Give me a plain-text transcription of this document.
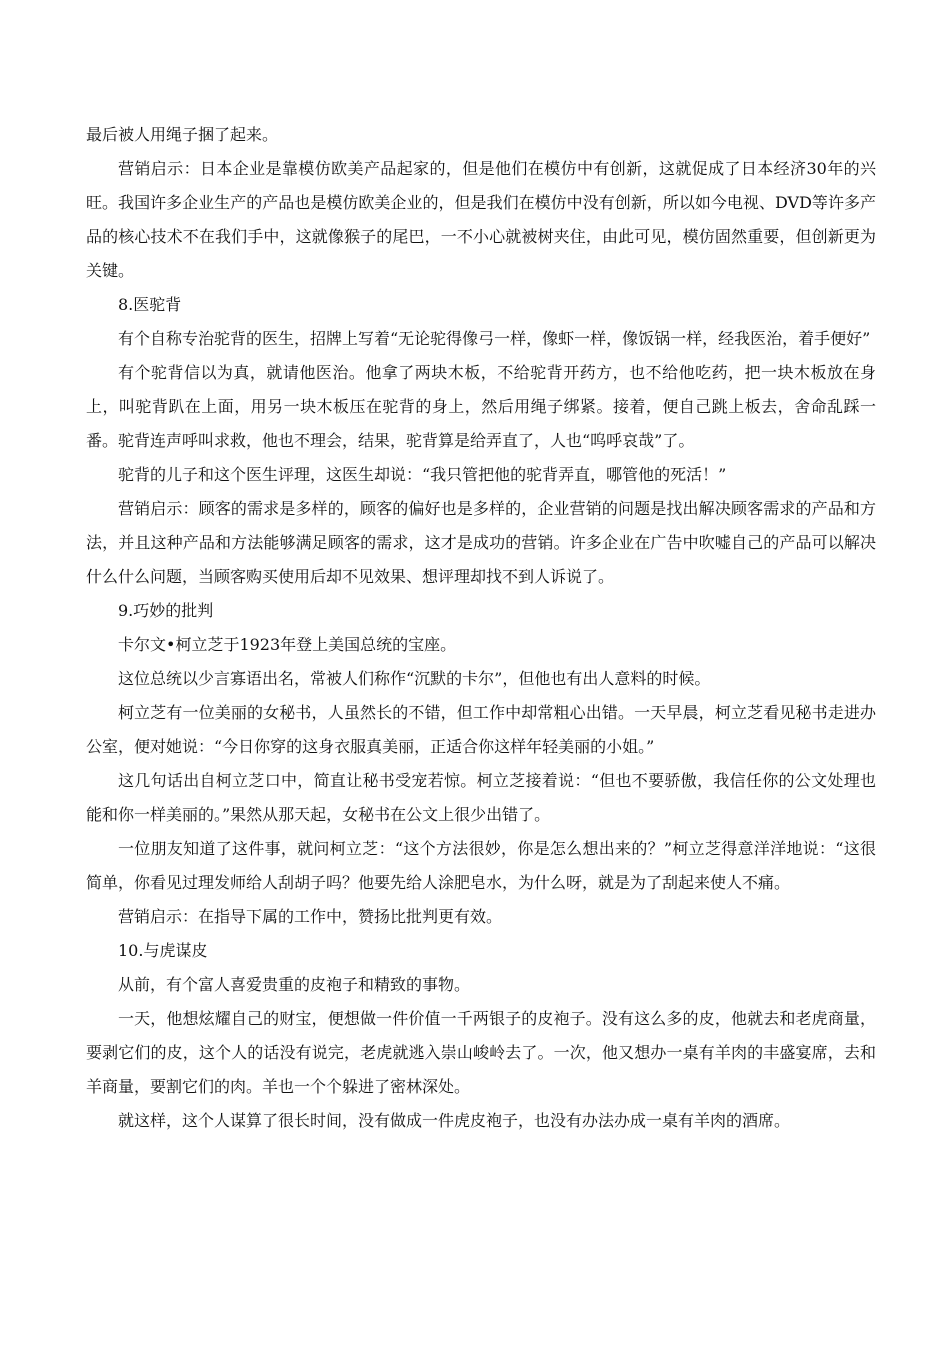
最后被人用绳子捆了起来。

营销启示：日本企业是靠模仿欧美产品起家的，但是他们在模仿中有创新，这就促成了日本经济30年的兴旺。我国许多企业生产的产品也是模仿欧美企业的，但是我们在模仿中没有创新，所以如今电视、DVD等许多产品的核心技术不在我们手中，这就像猴子的尾巴，一不小心就被树夹住，由此可见，模仿固然重要，但创新更为关键。

8.医驼背

有个自称专治驼背的医生，招牌上写着“无论驼得像弓一样，像虾一样，像饭锅一样，经我医治，着手便好”

有个驼背信以为真，就请他医治。他拿了两块木板，不给驼背开药方，也不给他吃药，把一块木板放在身上，叫驼背趴在上面，用另一块木板压在驼背的身上，然后用绳子绑紧。接着，便自己跳上板去，舍命乱踩一番。驼背连声呼叫求救，他也不理会，结果，驼背算是给弄直了，人也“呜呼哀哉”了。

驼背的儿子和这个医生评理，这医生却说：“我只管把他的驼背弄直，哪管他的死活！”

营销启示：顾客的需求是多样的，顾客的偏好也是多样的，企业营销的问题是找出解决顾客需求的产品和方法，并且这种产品和方法能够满足顾客的需求，这才是成功的营销。许多企业在广告中吹嘘自己的产品可以解决什么什么问题，当顾客购买使用后却不见效果、想评理却找不到人诉说了。

9.巧妙的批判

卡尔文•柯立芝于1923年登上美国总统的宝座。

这位总统以少言寡语出名，常被人们称作“沉默的卡尔”，但他也有出人意料的时候。

柯立芝有一位美丽的女秘书，人虽然长的不错，但工作中却常粗心出错。一天早晨，柯立芝看见秘书走进办公室，便对她说：“今日你穿的这身衣服真美丽，正适合你这样年轻美丽的小姐。”

这几句话出自柯立芝口中，简直让秘书受宠若惊。柯立芝接着说：“但也不要骄傲，我信任你的公文处理也能和你一样美丽的。”果然从那天起，女秘书在公文上很少出错了。

一位朋友知道了这件事，就问柯立芝：“这个方法很妙，你是怎么想出来的？”柯立芝得意洋洋地说：“这很简单，你看见过理发师给人刮胡子吗？他要先给人涂肥皂水，为什么呀，就是为了刮起来使人不痛。

营销启示：在指导下属的工作中，赞扬比批判更有效。

10.与虎谋皮

从前，有个富人喜爱贵重的皮袍子和精致的事物。

一天，他想炫耀自己的财宝，便想做一件价值一千两银子的皮袍子。没有这么多的皮，他就去和老虎商量，要剥它们的皮，这个人的话没有说完，老虎就逃入崇山峻岭去了。一次，他又想办一桌有羊肉的丰盛宴席，去和羊商量，要割它们的肉。羊也一个个躲进了密林深处。

就这样，这个人谋算了很长时间，没有做成一件虎皮袍子，也没有办法办成一桌有羊肉的酒席。
